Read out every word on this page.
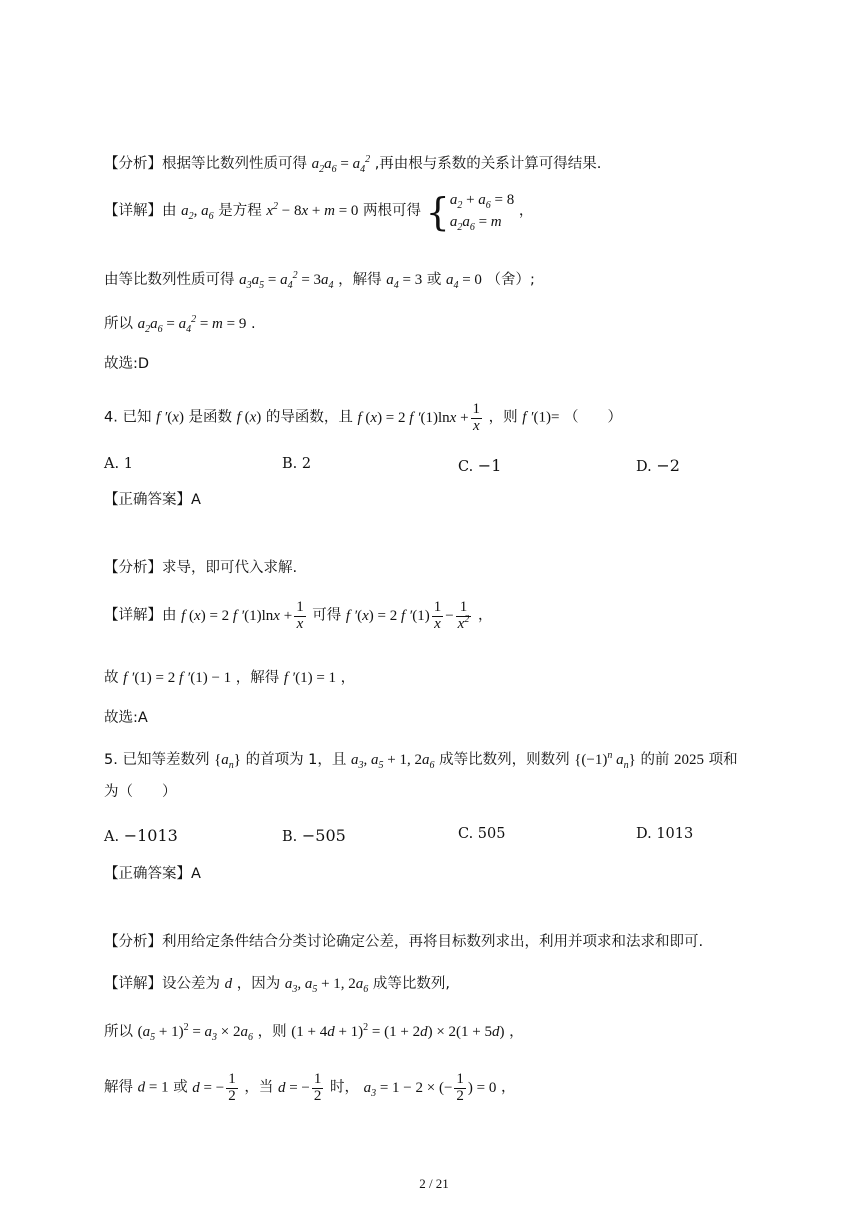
【分析】根据等比数列性质可得 $a_2a_6 = a_4^2$ ,再由根与系数的关系计算可得结果.
【详解】由 $a_2$, $a_6$ 是方程 $x^2 - 8x + m = 0$ 两根可得 {$a_2 + a_6 = 8$
$a_2a_6 = m$ ，
由等比数列性质可得 $a_3a_5 = a_4^2 = 3a_4$ ，解得 $a_4 = 3$ 或 $a_4 = 0$ （舍）;
所以 $a_2a_6 = a_4^2 = m = 9$ .
故选:D
4. 已知 f ′(x) 是函数 f (x) 的导函数，且 f (x) = 2 f $'(1)\ln x + \frac{1}{x}$ ，则 f ′(1)= （　　）
A. 1	B. 2	C. −1	D. −2
【正确答案】A
【分析】求导，即可代入求解.
【详解】由 f (x) = 2 f $'(1)\ln x + \frac{1}{x}$ 可得 f ′(x) = 2 f $'(1) \frac{1}{x} - \frac{1}{x^2}$ ，
故 f ′(1) = 2 f ′(1) − 1 ，解得 f ′(1) = 1 ，
故选:A
5. 已知等差数列 $\{a_n\}$ 的首项为 1，且 $a_3$, $a_5 + 1$, $2a_6$ 成等比数列，则数列 {$(-1)^n$ $a_n$} 的前 2025 项和
为（　　）
A. −1013	B. −505	C. 505	D. 1013
【正确答案】A
【分析】利用给定条件结合分类讨论确定公差，再将目标数列求出，利用并项求和法求和即可.
【详解】设公差为 d ，因为 $a_3$, $a_5 + 1$, $2a_6$ 成等比数列,
所以 $(a_5 + 1)^2 = a_3 \times 2a_6$ ，则 $(1 + 4d + 1)^2 = (1 + 2d) \times 2(1 + 5d)$ ，
解得 d = 1 或 d = − $\frac{1}{2}$ ，当 d = − $\frac{1}{2}$ 时， $a_3 = 1 - 2$ × (− $\frac{1}{2}$ ) = 0 ，
2 / 21
